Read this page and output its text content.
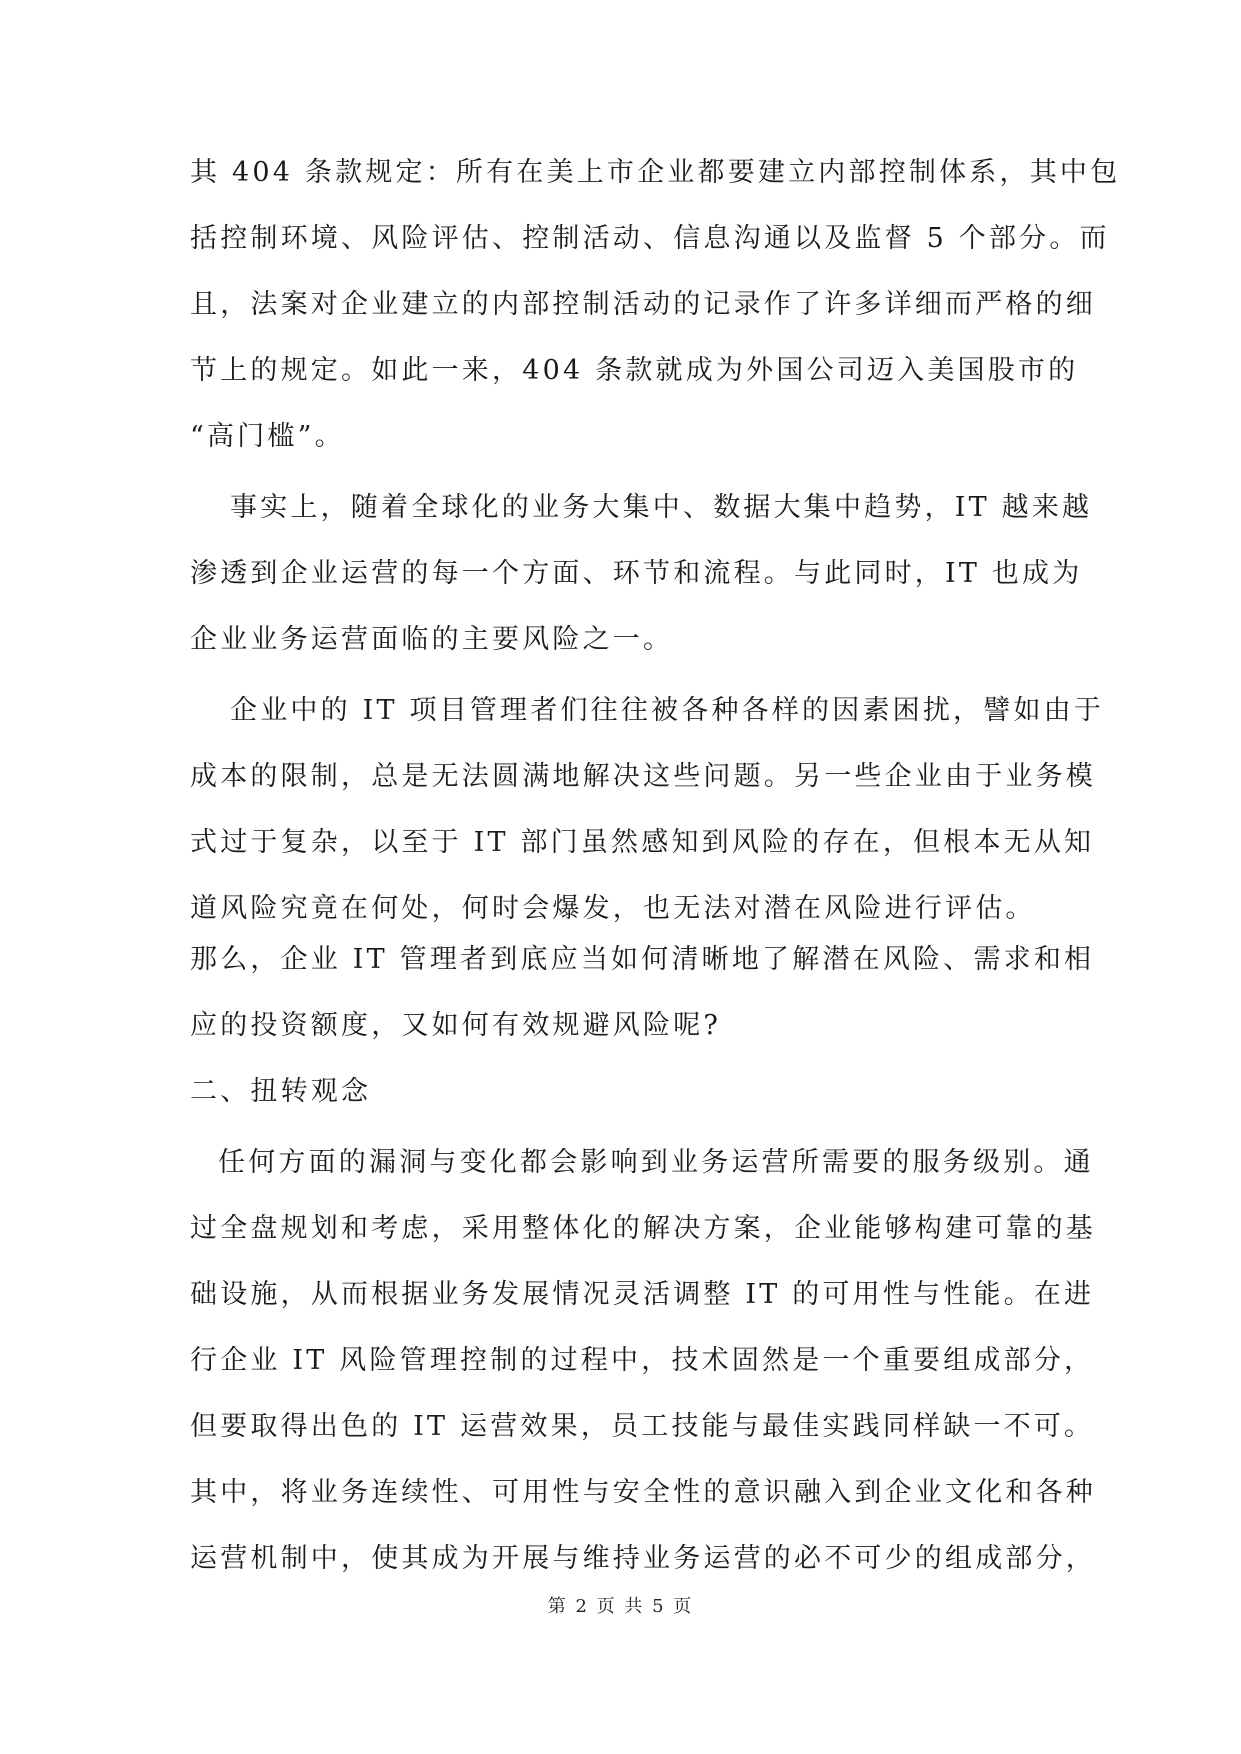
其 404 条款规定：所有在美上市企业都要建立内部控制体系，其中包
括控制环境、风险评估、控制活动、信息沟通以及监督 5 个部分。而
且，法案对企业建立的内部控制活动的记录作了许多详细而严格的细
节上的规定。如此一来，404 条款就成为外国公司迈入美国股市的
“高门槛”。
事实上，随着全球化的业务大集中、数据大集中趋势，IT 越来越
渗透到企业运营的每一个方面、环节和流程。与此同时，IT 也成为
企业业务运营面临的主要风险之一。
企业中的 IT 项目管理者们往往被各种各样的因素困扰，譬如由于
成本的限制，总是无法圆满地解决这些问题。另一些企业由于业务模
式过于复杂，以至于 IT 部门虽然感知到风险的存在，但根本无从知
道风险究竟在何处，何时会爆发，也无法对潜在风险进行评估。
那么，企业 IT 管理者到底应当如何清晰地了解潜在风险、需求和相
应的投资额度，又如何有效规避风险呢?
二、扭转观念
任何方面的漏洞与变化都会影响到业务运营所需要的服务级别。通
过全盘规划和考虑，采用整体化的解决方案，企业能够构建可靠的基
础设施，从而根据业务发展情况灵活调整 IT 的可用性与性能。在进
行企业 IT 风险管理控制的过程中，技术固然是一个重要组成部分，
但要取得出色的 IT 运营效果，员工技能与最佳实践同样缺一不可。
其中，将业务连续性、可用性与安全性的意识融入到企业文化和各种
运营机制中，使其成为开展与维持业务运营的必不可少的组成部分，
第 2 页 共 5 页
